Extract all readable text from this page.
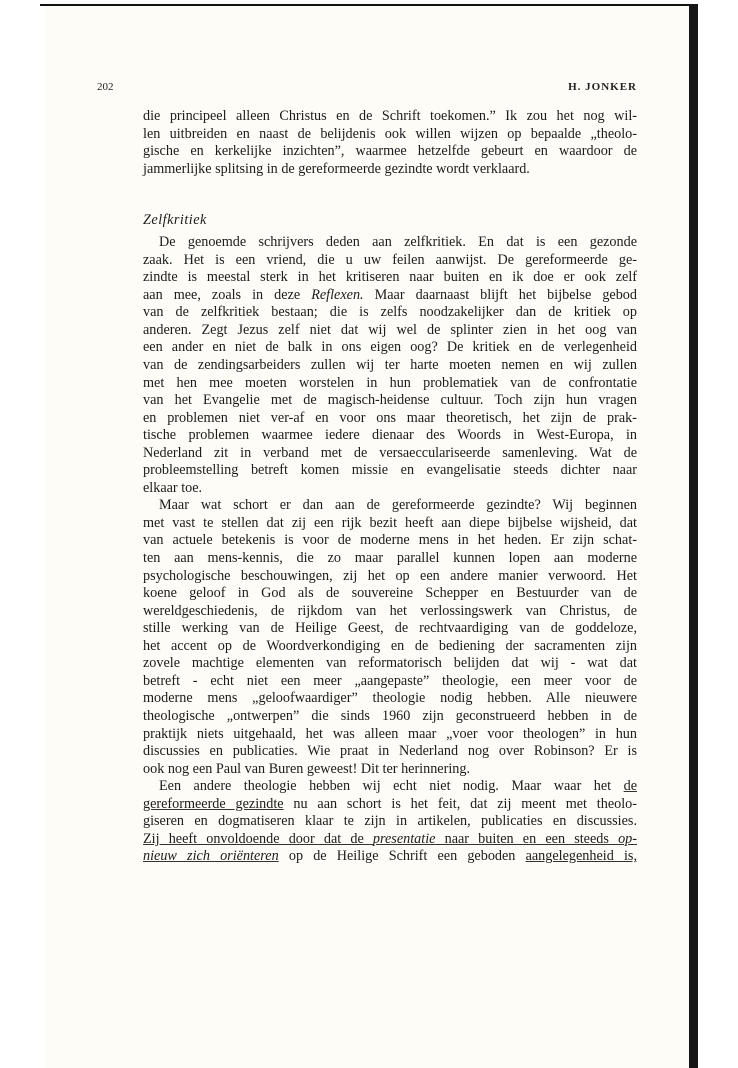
202	H. JONKER
die principeel alleen Christus en de Schrift toekomen.” Ik zou het nog wil-
len uitbreiden en naast de belijdenis ook willen wijzen op bepaalde „theolo-
gische en kerkelijke inzichten”, waarmee hetzelfde gebeurt en waardoor de
jammerlijke splitsing in de gereformeerde gezindte wordt verklaard.
Zelfkritiek
De genoemde schrijvers deden aan zelfkritiek. En dat is een gezonde
zaak. Het is een vriend, die u uw feilen aanwijst. De gereformeerde ge-
zindte is meestal sterk in het kritiseren naar buiten en ik doe er ook zelf
aan mee, zoals in deze Reflexen. Maar daarnaast blijft het bijbelse gebod
van de zelfkritiek bestaan; die is zelfs noodzakelijker dan de kritiek op
anderen. Zegt Jezus zelf niet dat wij wel de splinter zien in het oog van
een ander en niet de balk in ons eigen oog? De kritiek en de verlegenheid
van de zendingsarbeiders zullen wij ter harte moeten nemen en wij zullen
met hen mee moeten worstelen in hun problematiek van de confrontatie
van het Evangelie met de magisch-heidense cultuur. Toch zijn hun vragen
en problemen niet ver-af en voor ons maar theoretisch, het zijn de prak-
tische problemen waarmee iedere dienaar des Woords in West-Europa, in
Nederland zit in verband met de versaecculariseerde samenleving. Wat de
probleemstelling betreft komen missie en evangelisatie steeds dichter naar
elkaar toe.
Maar wat schort er dan aan de gereformeerde gezindte? Wij beginnen
met vast te stellen dat zij een rijk bezit heeft aan diepe bijbelse wijsheid, dat
van actuele betekenis is voor de moderne mens in het heden. Er zijn schat-
ten aan mens-kennis, die zo maar parallel kunnen lopen aan moderne
psychologische beschouwingen, zij het op een andere manier verwoord. Het
koene geloof in God als de souvereine Schepper en Bestuurder van de
wereldgeschiedenis, de rijkdom van het verlossingswerk van Christus, de
stille werking van de Heilige Geest, de rechtvaardiging van de goddeloze,
het accent op de Woordverkondiging en de bediening der sacramenten zijn
zovele machtige elementen van reformatorisch belijden dat wij - wat dat
betreft - echt niet een meer „aangepaste” theologie, een meer voor de
moderne mens „geloofwaardiger” theologie nodig hebben. Alle nieuwere
theologische „ontwerpen” die sinds 1960 zijn geconstrueerd hebben in de
praktijk niets uitgehaald, het was alleen maar „voer voor theologen” in hun
discussies en publicaties. Wie praat in Nederland nog over Robinson? Er is
ook nog een Paul van Buren geweest! Dit ter herinnering.
Een andere theologie hebben wij echt niet nodig. Maar waar het de
gereformeerde gezindte nu aan schort is het feit, dat zij meent met theolo-
giseren en dogmatiseren klaar te zijn in artikelen, publicaties en discussies.
Zij heeft onvoldoende door dat de presentatie naar buiten en een steeds op-
nieuw zich oriënteren op de Heilige Schrift een geboden aangelegenheid is,
